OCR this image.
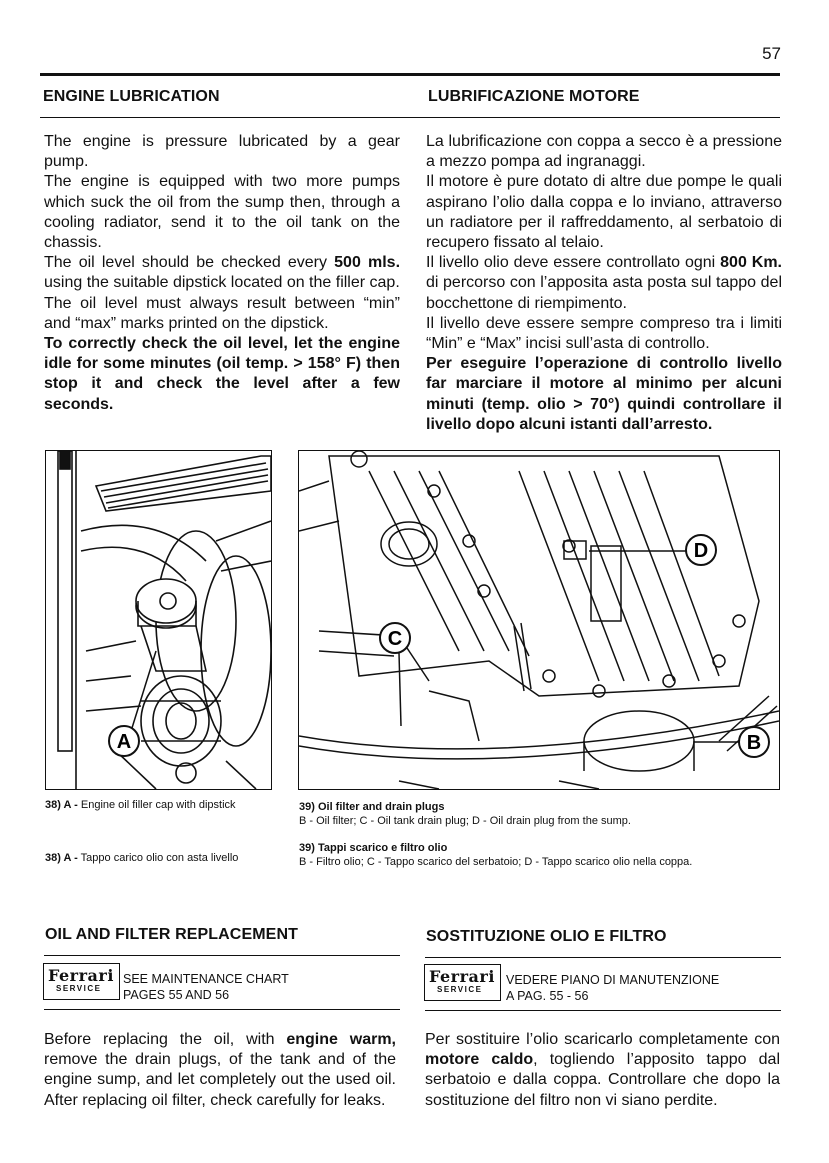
57
ENGINE LUBRICATION	LUBRIFICAZIONE MOTORE

The engine is pressure lubricated by a gear pump.

The engine is equipped with two more pumps which suck the oil from the sump then, through a cooling radiator, send it to the oil tank on the chassis.

The oil level should be checked every 500 mls. using the suitable dipstick located on the filler cap.

The oil level must always result between “min” and “max” marks printed on the dipstick.

To correctly check the oil level, let the engine idle for some minutes (oil temp. > 158° F) then stop it and check the level after a few seconds.

La lubrificazione con coppa a secco è a pressione a mezzo pompa ad ingranaggi.

Il motore è pure dotato di altre due pompe le quali aspirano l’olio dalla coppa e lo inviano, attraverso un radiatore per il raffreddamento, al serbatoio di recupero fissato al telaio.

Il livello olio deve essere controllato ogni 800 Km. di percorso con l’apposita asta posta sul tappo del bocchettone di riempimento.

Il livello deve essere sempre compreso tra i limiti “Min” e “Max” incisi sull’asta di controllo.

Per eseguire l’operazione di controllo livello far marciare il motore al minimo per alcuni minuti (temp. olio > 70°) quindi controllare il livello dopo alcuni istanti dall’arresto.

A
C
D
B
38) A - Engine oil filler cap with dipstick
38) A - Tappo carico olio con asta livello
39) Oil filter and drain plugs
B - Oil filter; C - Oil tank drain plug; D - Oil drain plug from the sump.
39) Tappi scarico e filtro olio
B - Filtro olio; C - Tappo scarico del serbatoio; D - Tappo scarico olio nella coppa.
OIL AND FILTER REPLACEMENT	SOSTITUZIONE OLIO E FILTRO
Ferrari
SERVICE
SEE MAINTENANCE CHART
PAGES 55 AND 56
Ferrari
SERVICE
VEDERE PIANO DI MANUTENZIONE
A PAG. 55 - 56

Before replacing the oil, with engine warm, remove the drain plugs, of the tank and of the engine sump, and let completely out the used oil. After replacing oil filter, check carefully for leaks.

Per sostituire l’olio scaricarlo completamente con motore caldo, togliendo l’apposito tappo dal serbatoio e dalla coppa. Controllare che dopo la sostituzione del filtro non vi siano perdite.
